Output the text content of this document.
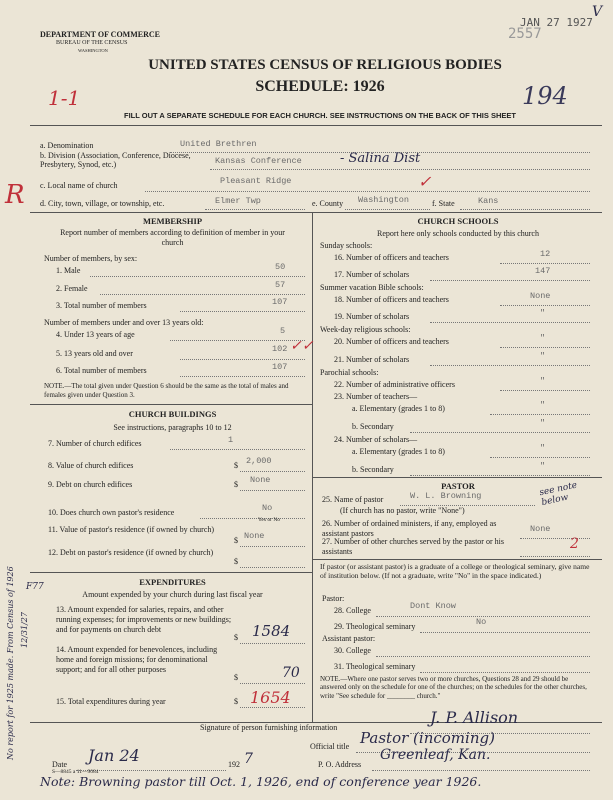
DEPARTMENT OF COMMERCE
BUREAU OF THE CENSUS
WASHINGTON
JAN 27 1927
2557
V
UNITED STATES CENSUS OF RELIGIOUS BODIES
SCHEDULE: 1926
1-1	194
FILL OUT A SEPARATE SCHEDULE FOR EACH CHURCH. SEE INSTRUCTIONS ON THE BACK OF THIS SHEET
a. Denomination	United Brethren
b. Division (Association, Conference, Diocese, Presbytery, Synod, etc.)	Kansas Conference	- Salina Dist
R c. Local name of church	Pleasant Ridge	✓
d. City, town, village, or township, etc.	Elmer Twp	e. County Washington	f. State	Kans
MEMBERSHIP
Report number of members according to definition of member in your church
Number of members, by sex:
1. Male	50
2. Female	57
3. Total number of members	107
Number of members under and over 13 years old:
4. Under 13 years of age	5
5. 13 years old and over	102 ✓✓
6. Total number of members	107
NOTE.—The total given under Question 6 should be the same as the total of males and females given under Question 3.
CHURCH BUILDINGS
See instructions, paragraphs 10 to 12
7. Number of church edifices	1
8. Value of church edifices	$ 2,000
9. Debt on church edifices	$ None
10. Does church own pastor's residence	No
Yes or No
11. Value of pastor's residence (if owned by church)
$ None
12. Debt on pastor's residence (if owned by church)
$
EXPENDITURES
Amount expended by your church during last fiscal year
13. Amount expended for salaries, repairs, and other running expenses; for improvements or new buildings; and for payments on church debt
$ 1584
14. Amount expended for benevolences, including home and foreign missions; for denominational support; and for all other purposes
$	70
15. Total expenditures during year	$ 1654
No report for 1925 made. From Census of 1926 12/31/27
F77
CHURCH SCHOOLS
Report here only schools conducted by this church
Sunday schools:
16. Number of officers and teachers	12
17. Number of scholars	147
Summer vacation Bible schools:
18. Number of officers and teachers	None
19. Number of scholars	"
Week-day religious schools:
20. Number of officers and teachers	"
21. Number of scholars	"
Parochial schools:
22. Number of administrative officers	"
23. Number of teachers—
a. Elementary (grades 1 to 8)	"
b. Secondary	"
24. Number of scholars—
a. Elementary (grades 1 to 8)	"
b. Secondary	"
PASTOR
25. Name of pastor	W. L. Browning	see note below
(If church has no pastor, write "None")
26. Number of ordained ministers, if any, employed as assistant pastors	None
27. Number of other churches served by the pastor or his assistants	2
If pastor (or assistant pastor) is a graduate of a college or theological seminary, give name of institution below. (If not a graduate, write "No" in the space indicated.)
Pastor:
28. College	Dont Know
29. Theological seminary	No
Assistant pastor:
30. College
31. Theological seminary
NOTE.—Where one pastor serves two or more churches, Questions 28 and 29 should be answered only on the schedule for one of the churches; on the schedules for the other churches, write "See schedule for ________ church."
Signature of person furnishing information
J. P. Allison
Official title Pastor (incoming)
Date Jan 24	192 7	P. O. Address
Greenleaf, Kan.
S—8845 a 11—9084
Note: Browning pastor till Oct. 1, 1926, end of conference year 1926.
